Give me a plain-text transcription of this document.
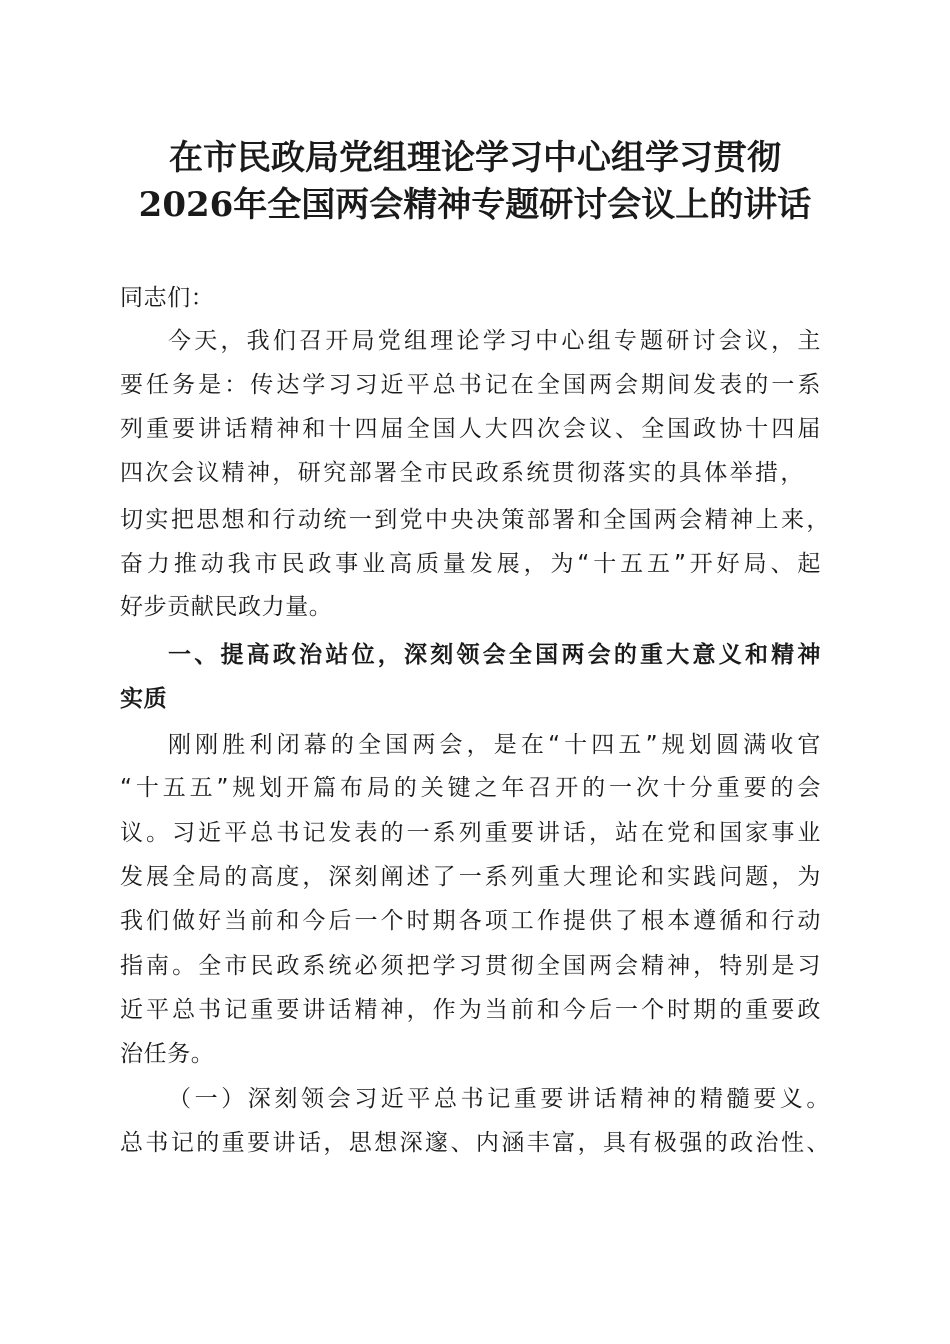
在市民政局党组理论学习中心组学习贯彻
2026年全国两会精神专题研讨会议上的讲话

同志们：

今天，我们召开局党组理论学习中心组专题研讨会议，主

要任务是：传达学习习近平总书记在全国两会期间发表的一系

列重要讲话精神和十四届全国人大四次会议、全国政协十四届

四次会议精神，研究部署全市民政系统贯彻落实的具体举措，

切实把思想和行动统一到党中央决策部署和全国两会精神上来，

奋力推动我市民政事业高质量发展，为“十五五”开好局、起

好步贡献民政力量。

一、提高政治站位，深刻领会全国两会的重大意义和精神

实质

刚刚胜利闭幕的全国两会，是在“十四五”规划圆满收官

“十五五”规划开篇布局的关键之年召开的一次十分重要的会

议。习近平总书记发表的一系列重要讲话，站在党和国家事业

发展全局的高度，深刻阐述了一系列重大理论和实践问题，为

我们做好当前和今后一个时期各项工作提供了根本遵循和行动

指南。全市民政系统必须把学习贯彻全国两会精神，特别是习

近平总书记重要讲话精神，作为当前和今后一个时期的重要政

治任务。

（一）深刻领会习近平总书记重要讲话精神的精髓要义。

总书记的重要讲话，思想深邃、内涵丰富，具有极强的政治性、
